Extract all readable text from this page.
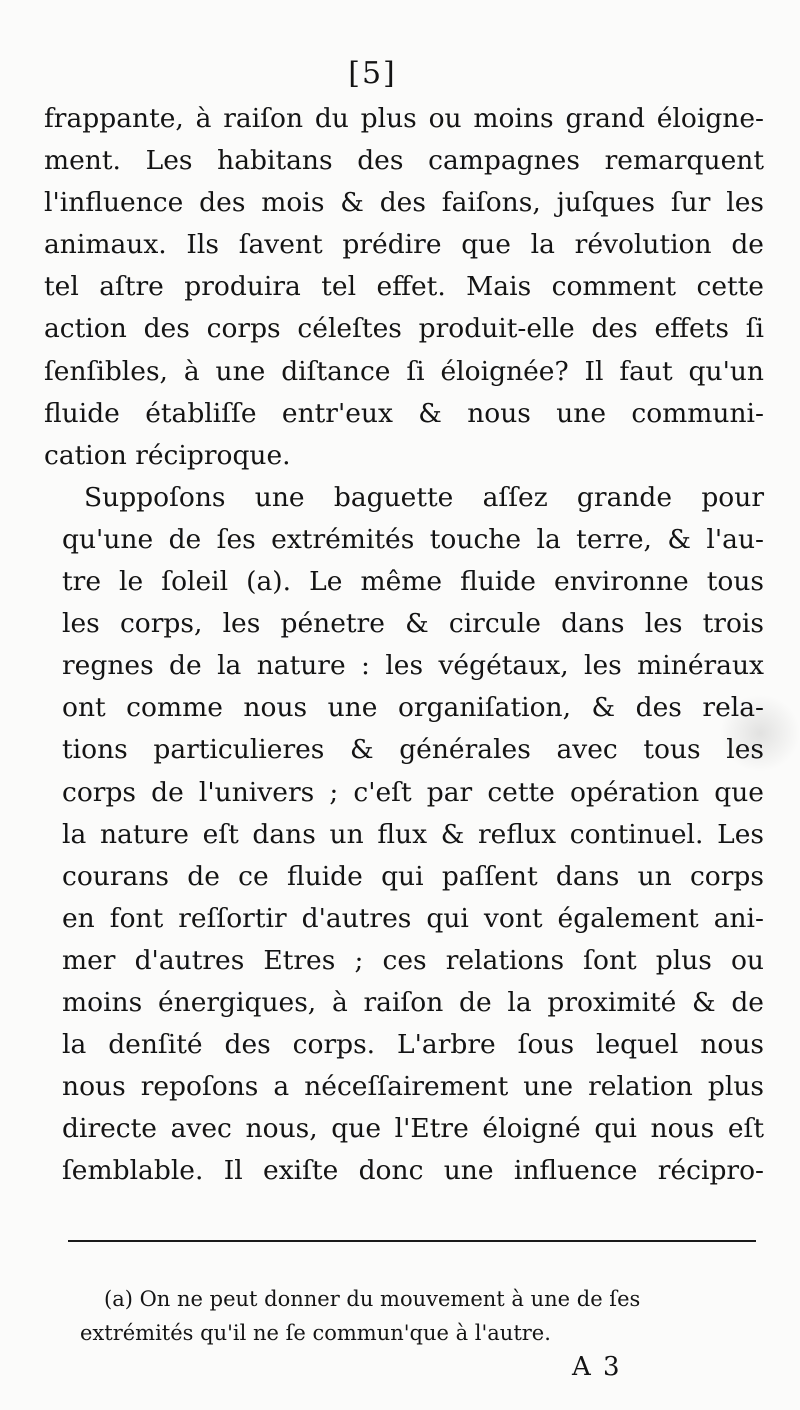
[5]
frappante, à raiſon du plus ou moins grand éloigne-
ment. Les habitans des campagnes remarquent
l'influence des mois & des faiſons, juſques ſur les
animaux. Ils ſavent prédire que la révolution de
tel aſtre produira tel effet. Mais comment cette
action des corps céleſtes produit-elle des effets ſi
ſenſibles, à une diſtance ſi éloignée? Il faut qu'un
fluide établiſſe entr'eux & nous une communi-
cation réciproque.
Suppoſons une baguette aſſez grande pour
qu'une de ſes extrémités touche la terre, & l'au-
tre le ſoleil (a). Le même fluide environne tous
les corps, les pénetre & circule dans les trois
regnes de la nature : les végétaux, les minéraux
ont comme nous une organiſation, & des rela-
tions particulieres & générales avec tous les
corps de l'univers ; c'eſt par cette opération que
la nature eſt dans un flux & reflux continuel. Les
courans de ce fluide qui paſſent dans un corps
en font reſſortir d'autres qui vont également ani-
mer d'autres Etres ; ces relations ſont plus ou
moins énergiques, à raiſon de la proximité & de
la denſité des corps. L'arbre ſous lequel nous
nous repoſons a néceſſairement une relation plus
directe avec nous, que l'Etre éloigné qui nous eſt
ſemblable. Il exiſte donc une influence récipro-
(a) On ne peut donner du mouvement à une de ſes
extrémités qu'il ne ſe commun'que à l'autre.
A 3
